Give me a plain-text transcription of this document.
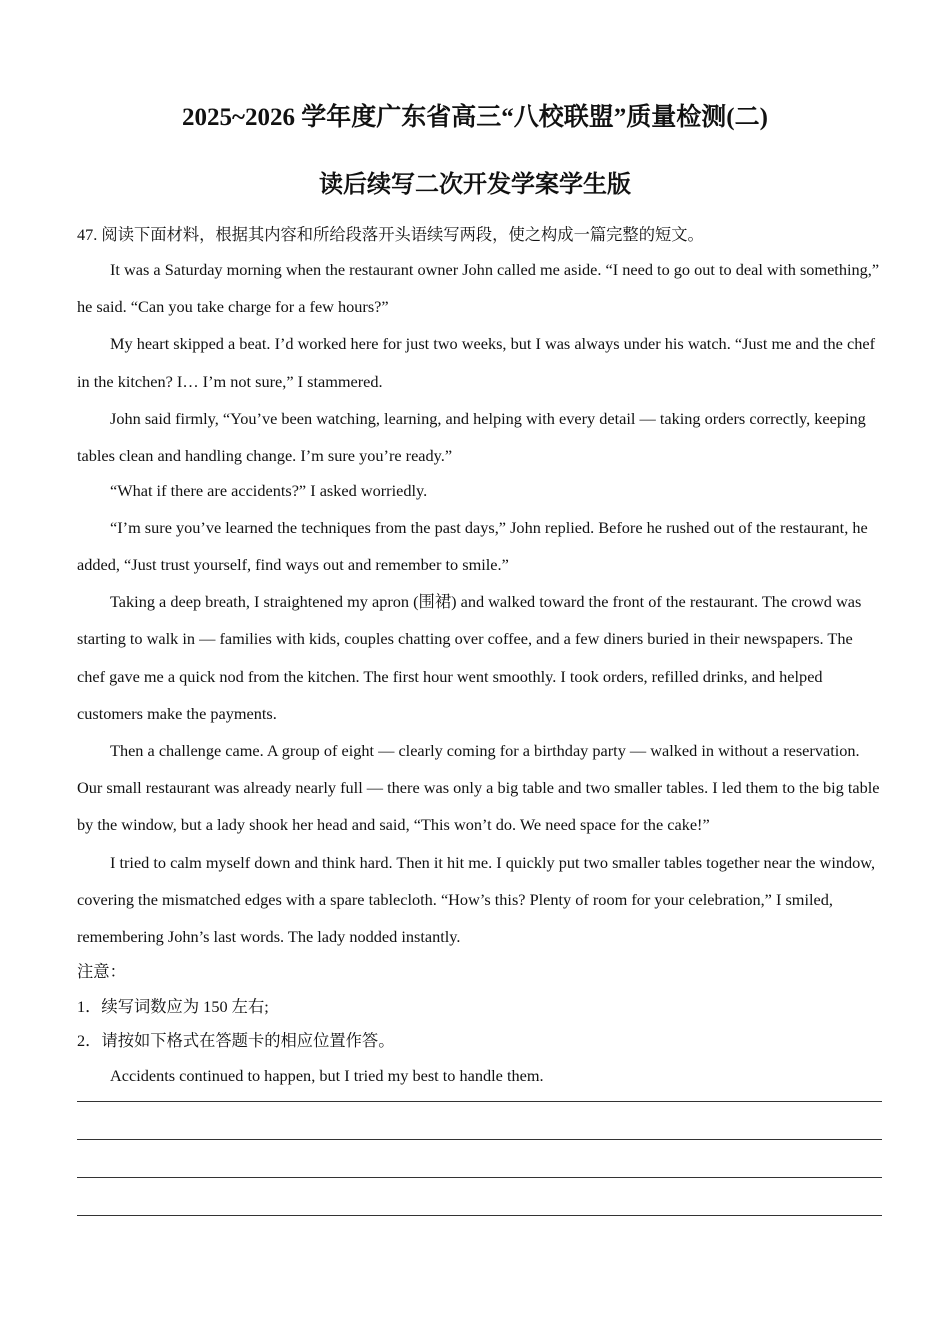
2025~2026 学年度广东省高三“八校联盟”质量检测(二)
读后续写二次开发学案学生版

47. 阅读下面材料，根据其内容和所给段落开头语续写两段，使之构成一篇完整的短文。

It was a Saturday morning when the restaurant owner John called me aside. “I need to go out to deal with something,” he said. “Can you take charge for a few hours?”

My heart skipped a beat. I’d worked here for just two weeks, but I was always under his watch. “Just me and the chef in the kitchen? I… I’m not sure,” I stammered.

John said firmly, “You’ve been watching, learning, and helping with every detail — taking orders correctly, keeping tables clean and handling change. I’m sure you’re ready.”

“What if there are accidents?” I asked worriedly.

“I’m sure you’ve learned the techniques from the past days,” John replied. Before he rushed out of the restaurant, he added, “Just trust yourself, find ways out and remember to smile.”

Taking a deep breath, I straightened my apron (围裙) and walked toward the front of the restaurant. The crowd was starting to walk in — families with kids, couples chatting over coffee, and a few diners buried in their newspapers. The chef gave me a quick nod from the kitchen. The first hour went smoothly. I took orders, refilled drinks, and helped customers make the payments.

Then a challenge came. A group of eight — clearly coming for a birthday party — walked in without a reservation. Our small restaurant was already nearly full — there was only a big table and two smaller tables. I led them to the big table by the window, but a lady shook her head and said, “This won’t do. We need space for the cake!”

I tried to calm myself down and think hard. Then it hit me. I quickly put two smaller tables together near the window, covering the mismatched edges with a spare tablecloth. “How’s this? Plenty of room for your celebration,” I smiled, remembering John’s last words. The lady nodded instantly.

注意：

1．续写词数应为 150 左右;

2．请按如下格式在答题卡的相应位置作答。

Accidents continued to happen, but I tried my best to handle them.
